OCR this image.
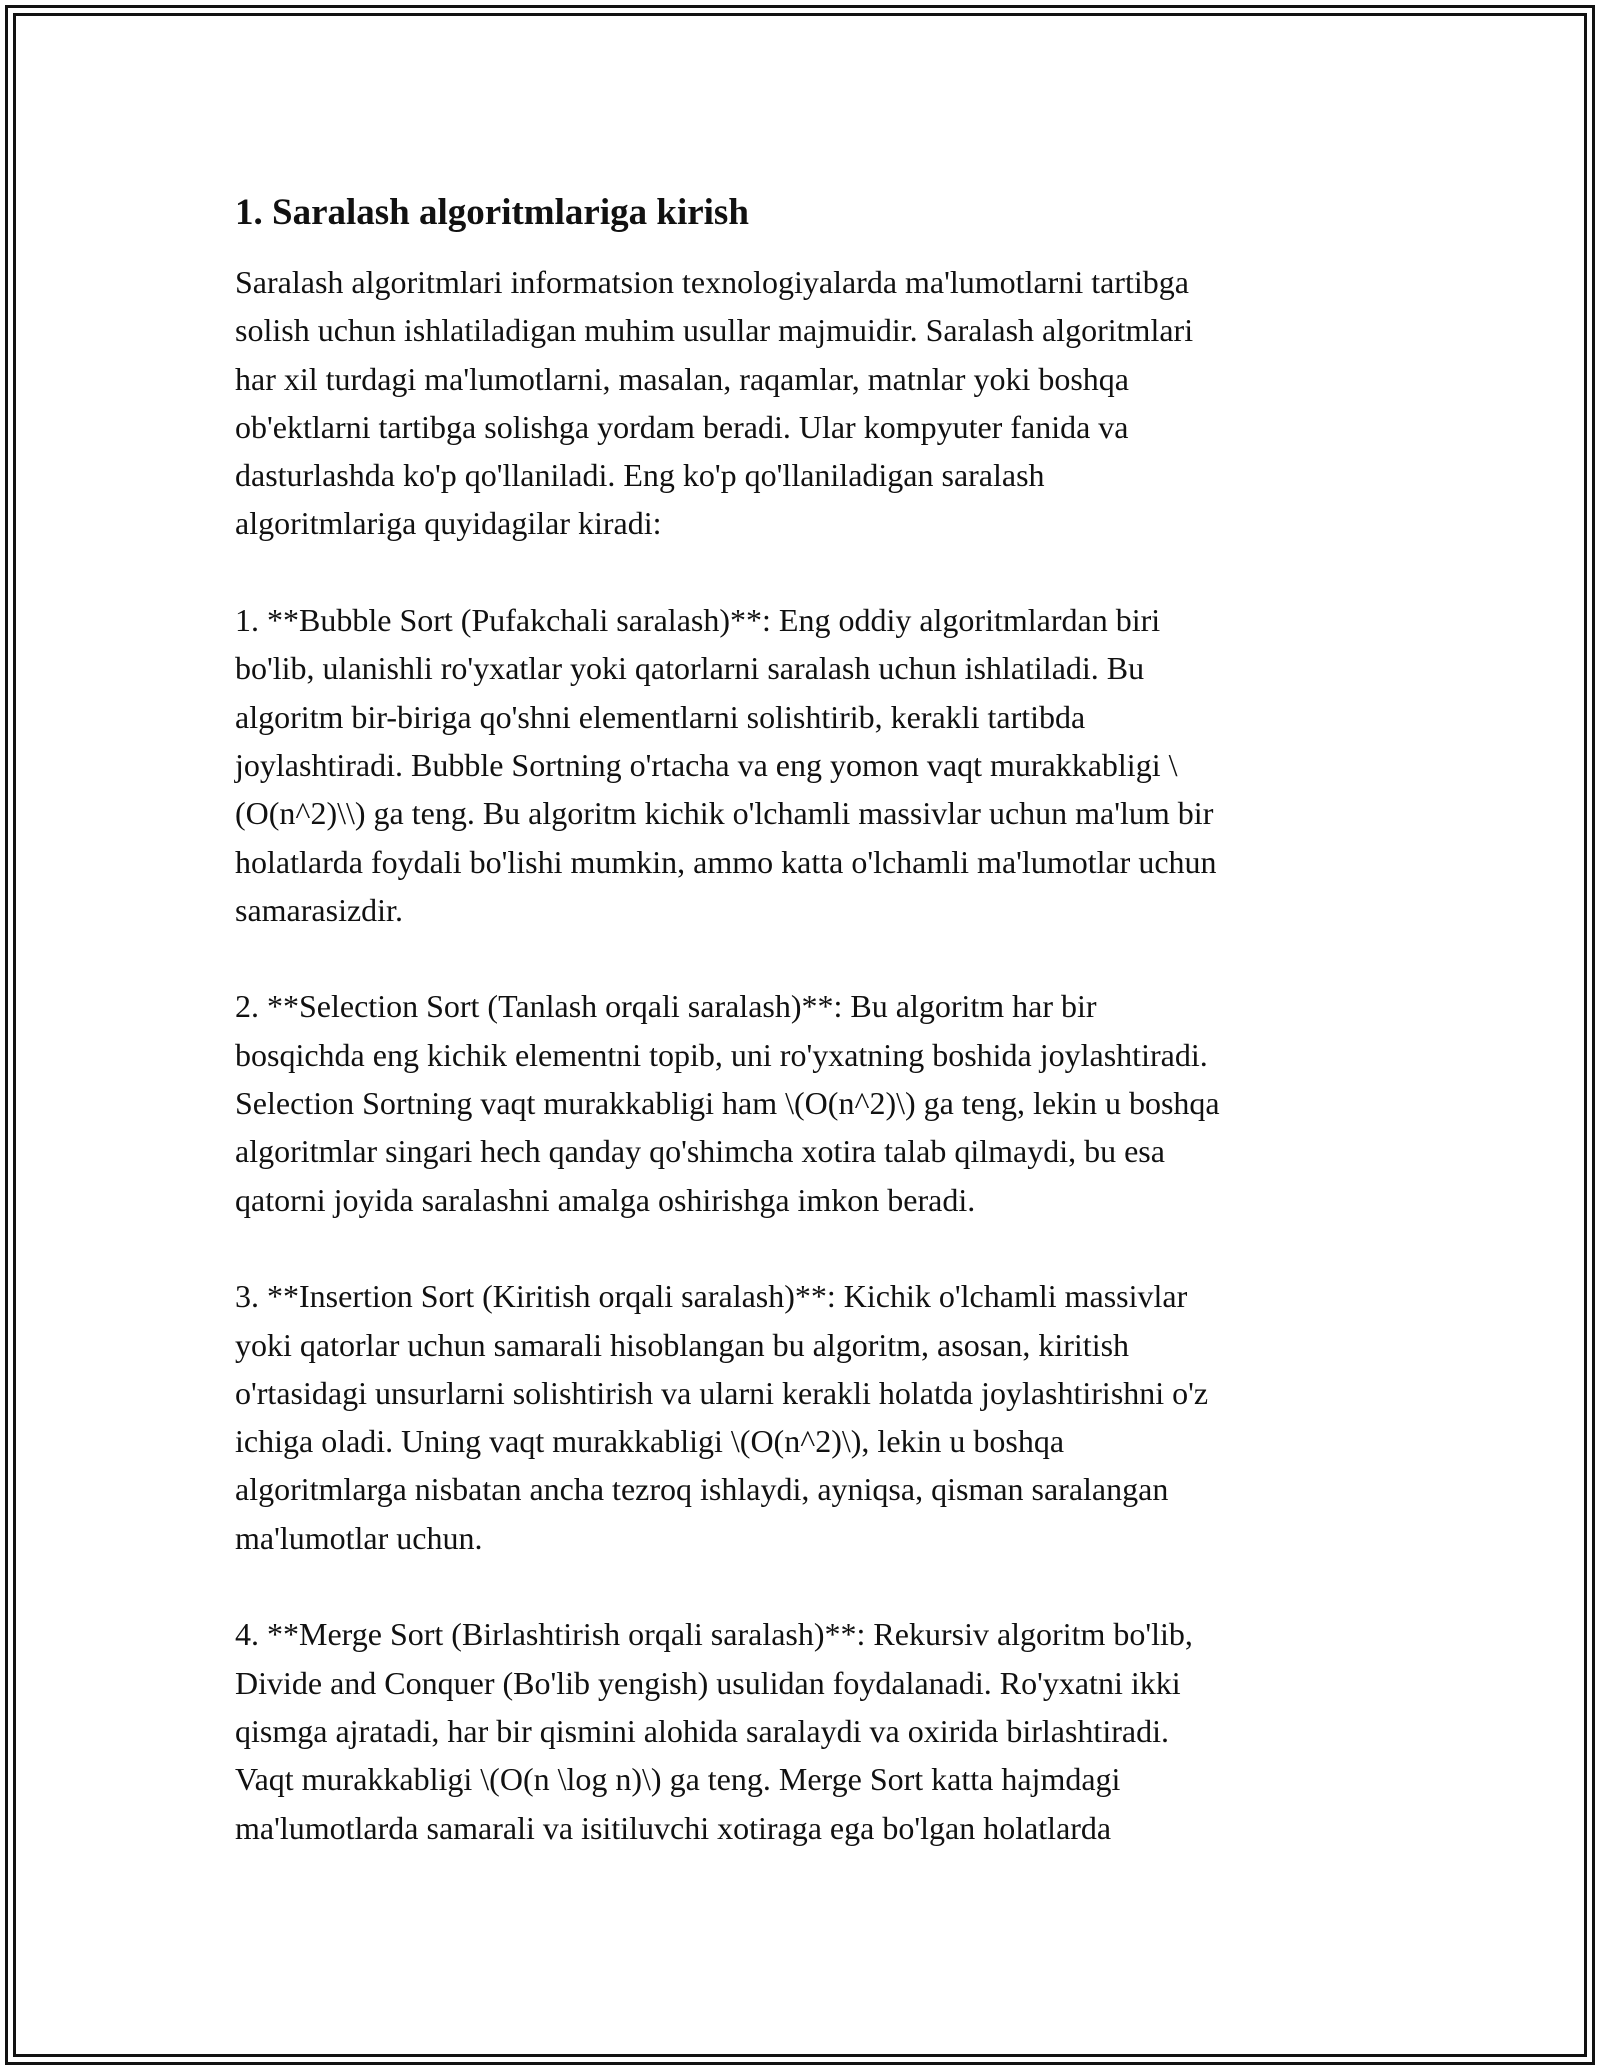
1. Saralash algoritmlariga kirish
Saralash algoritmlari informatsion texnologiyalarda ma'lumotlarni tartibga
solish uchun ishlatiladigan muhim usullar majmuidir. Saralash algoritmlari
har xil turdagi ma'lumotlarni, masalan, raqamlar, matnlar yoki boshqa
ob'ektlarni tartibga solishga yordam beradi. Ular kompyuter fanida va
dasturlashda ko'p qo'llaniladi. Eng ko'p qo'llaniladigan saralash
algoritmlariga quyidagilar kiradi:
1. **Bubble Sort (Pufakchali saralash)**: Eng oddiy algoritmlardan biri
bo'lib, ulanishli ro'yxatlar yoki qatorlarni saralash uchun ishlatiladi. Bu
algoritm bir-biriga qo'shni elementlarni solishtirib, kerakli tartibda
joylashtiradi. Bubble Sortning o'rtacha va eng yomon vaqt murakkabligi \
(O(n^2)\\) ga teng. Bu algoritm kichik o'lchamli massivlar uchun ma'lum bir
holatlarda foydali bo'lishi mumkin, ammo katta o'lchamli ma'lumotlar uchun
samarasizdir.
2. **Selection Sort (Tanlash orqali saralash)**: Bu algoritm har bir
bosqichda eng kichik elementni topib, uni ro'yxatning boshida joylashtiradi.
Selection Sortning vaqt murakkabligi ham \(O(n^2)\) ga teng, lekin u boshqa
algoritmlar singari hech qanday qo'shimcha xotira talab qilmaydi, bu esa
qatorni joyida saralashni amalga oshirishga imkon beradi.
3. **Insertion Sort (Kiritish orqali saralash)**: Kichik o'lchamli massivlar
yoki qatorlar uchun samarali hisoblangan bu algoritm, asosan, kiritish
o'rtasidagi unsurlarni solishtirish va ularni kerakli holatda joylashtirishni o'z
ichiga oladi. Uning vaqt murakkabligi \(O(n^2)\), lekin u boshqa
algoritmlarga nisbatan ancha tezroq ishlaydi, ayniqsa, qisman saralangan
ma'lumotlar uchun.
4. **Merge Sort (Birlashtirish orqali saralash)**: Rekursiv algoritm bo'lib,
Divide and Conquer (Bo'lib yengish) usulidan foydalanadi. Ro'yxatni ikki
qismga ajratadi, har bir qismini alohida saralaydi va oxirida birlashtiradi.
Vaqt murakkabligi \(O(n \log n)\) ga teng. Merge Sort katta hajmdagi
ma'lumotlarda samarali va isitiluvchi xotiraga ega bo'lgan holatlarda
